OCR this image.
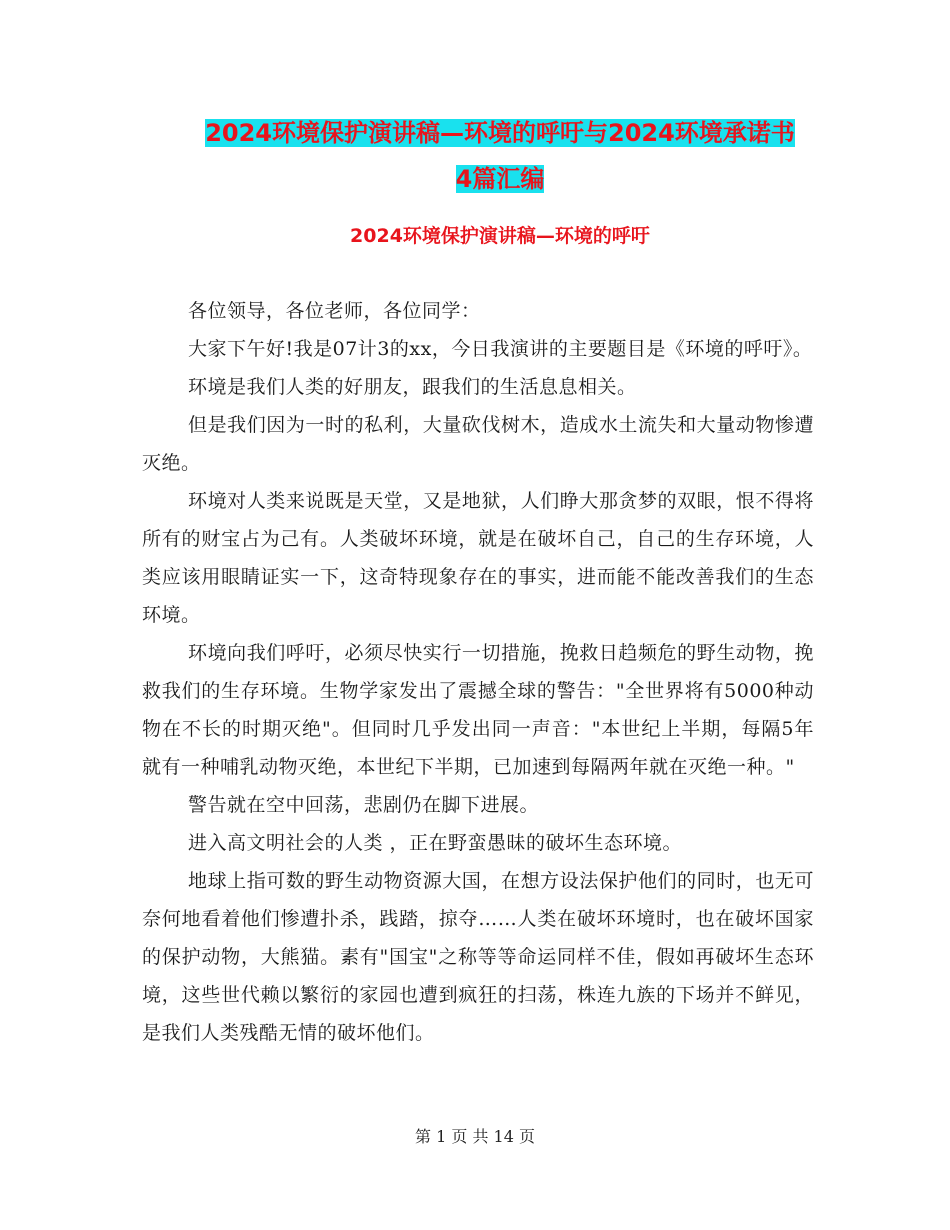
2024环境保护演讲稿—环境的呼吁与2024环境承诺书
4篇汇编
2024环境保护演讲稿—环境的呼吁

各位领导，各位老师，各位同学：

大家下午好!我是07计3的xx，今日我演讲的主要题目是《环境的呼吁》。

环境是我们人类的好朋友，跟我们的生活息息相关。

但是我们因为一时的私利，大量砍伐树木，造成水土流失和大量动物惨遭灭绝。

环境对人类来说既是天堂，又是地狱，人们睁大那贪梦的双眼，恨不得将所有的财宝占为己有。人类破坏环境，就是在破坏自己，自己的生存环境，人类应该用眼睛证实一下，这奇特现象存在的事实，进而能不能改善我们的生态环境。

环境向我们呼吁，必须尽快实行一切措施，挽救日趋频危的野生动物，挽救我们的生存环境。生物学家发出了震撼全球的警告："全世界将有5000种动物在不长的时期灭绝"。但同时几乎发出同一声音："本世纪上半期，每隔5年就有一种哺乳动物灭绝，本世纪下半期，已加速到每隔两年就在灭绝一种。"

警告就在空中回荡，悲剧仍在脚下进展。

进入高文明社会的人类 ，正在野蛮愚昧的破坏生态环境。

地球上指可数的野生动物资源大国，在想方设法保护他们的同时，也无可奈何地看着他们惨遭扑杀，践踏，掠夺……人类在破坏环境时，也在破坏国家的保护动物，大熊猫。素有"国宝"之称等等命运同样不佳，假如再破坏生态环境，这些世代赖以繁衍的家园也遭到疯狂的扫荡，株连九族的下场并不鲜见，是我们人类残酷无情的破坏他们。

第 1 页 共 14 页
